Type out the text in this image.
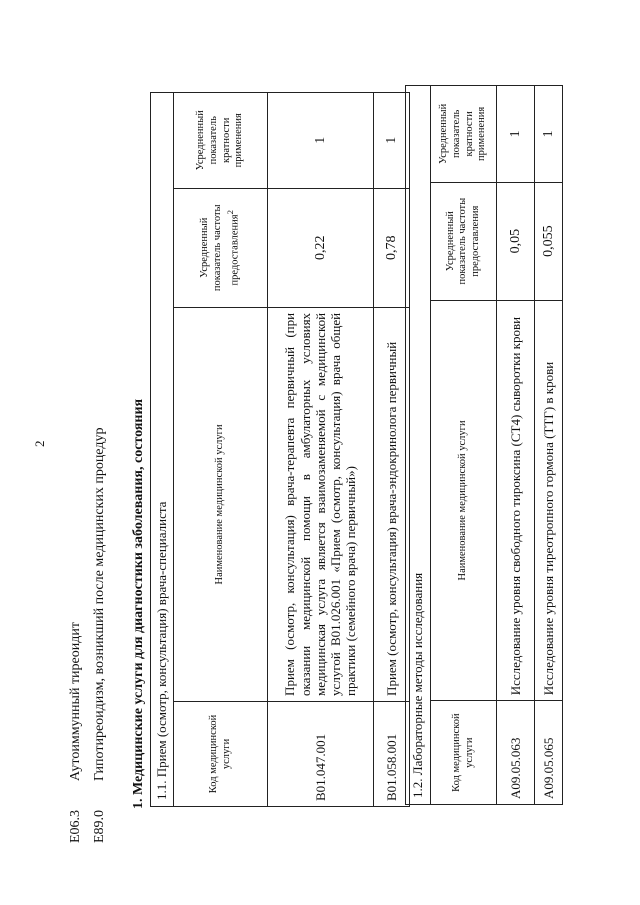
2
E06.3
Аутоиммунный тиреоидит
E89.0
Гипотиреоидизм, возникший после медицинских процедур 1. Медицинские услуги для диагностики заболевания, состояния 1.1. Прием (осмотр, консультация) врача-специалиста			
Код медицинской услуги	Наименование медицинской услуги	Усредненный показатель частоты предоставления$^2$	Усредненный показатель кратности применения
B01.047.001	Прием (осмотр, консультация) врача-терапевта первичный (при оказании медицинской помощи в амбулаторных условиях медицинская услуга является взаимозаменяемой с медицинской услугой B01.026.001 «Прием (осмотр, консультация) врача общей практики (семейного врача) первичный»)	0,22	1
B01.058.001	Прием (осмотр, консультация) врача-эндокринолога первичный	0,78	1
1.2. Лабораторные методы исследования			
Код медицинской услуги	Наименование медицинской услуги	Усредненный показатель частоты предоставления	Усредненный показатель кратности применения
A09.05.063	Исследование уровня свободного тироксина (СТ4) сыворотки крови	0,05	1
A09.05.065	Исследование уровня тиреотропного гормона (ТТГ) в крови	0,055	1
